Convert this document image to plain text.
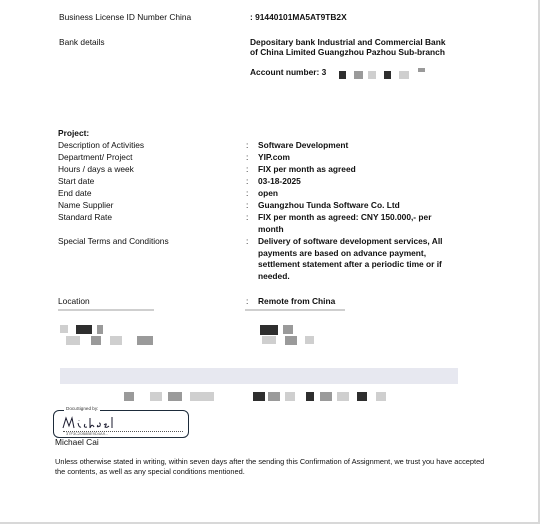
Business License ID Number China	: 91440101MA5AT9TB2X
Bank details	Depositary bank Industrial and Commercial Bank of China Limited Guangzhou Pazhou Sub-branch
Account number: 3
Project:
Description of Activities	: Software Development
Department/ Project	: YIP.com
Hours / days a week	: FIX per month as agreed
Start date	: 03-18-2025
End date	: open
Name Supplier	: Guangzhou Tunda Software Co. Ltd
Standard Rate	: FIX per month as agreed: CNY 150.000,- per month
Special Terms and Conditions	: Delivery of software development services, All payments are based on advance payment, settlement statement after a periodic time or if needed.
Location	: Remote from China
DocuSigned by:
37F3C20B8BE9D4A9...
Michael Cai
Unless otherwise stated in writing, within seven days after the sending this Confirmation of Assignment, we trust you have accepted the contents, as well as any special conditions mentioned.
